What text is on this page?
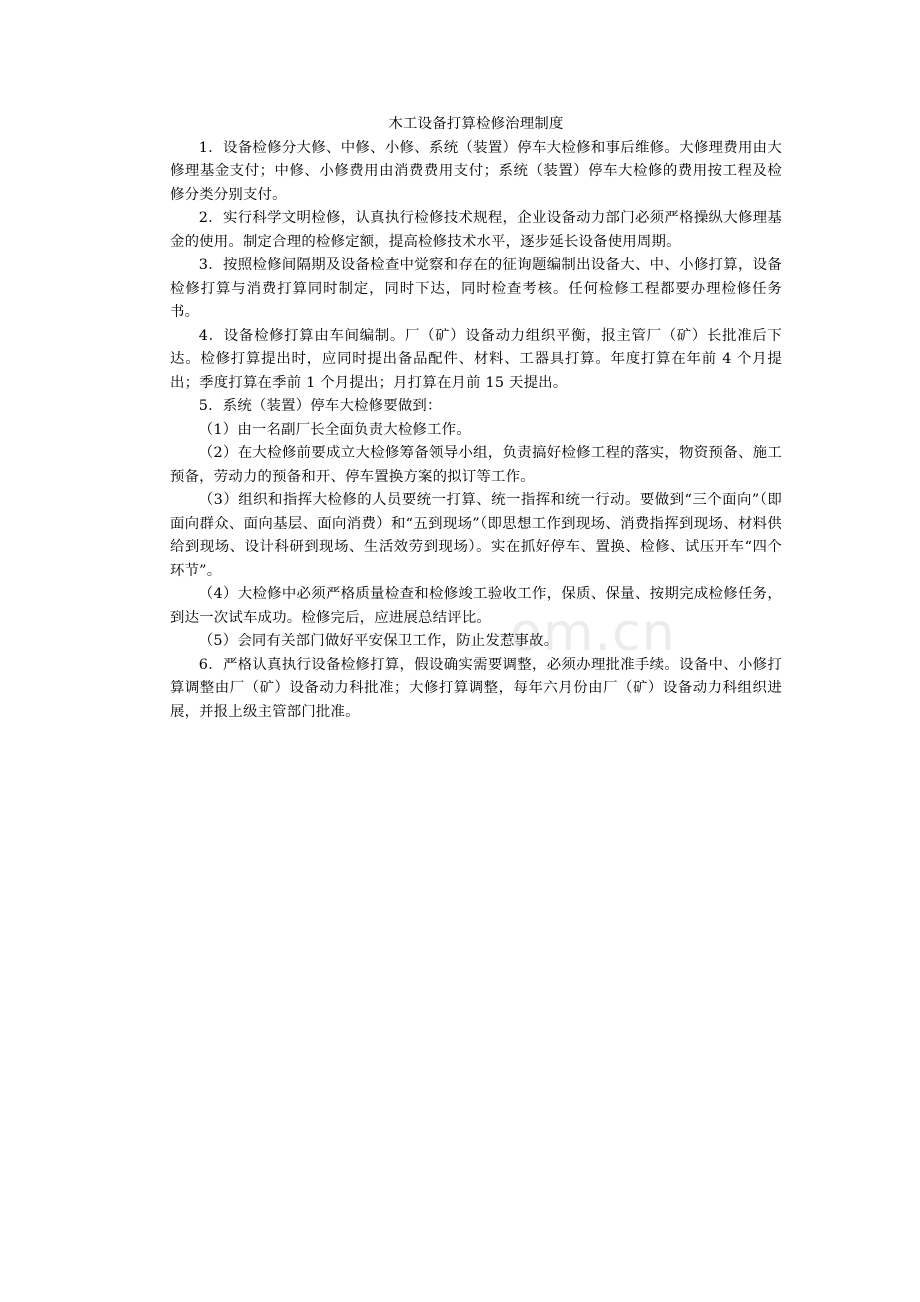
om.cn
木工设备打算检修治理制度

1．设备检修分大修、中修、小修、系统（装置）停车大检修和事后维修。大修理费用由大修理基金支付；中修、小修费用由消费费用支付；系统（装置）停车大检修的费用按工程及检修分类分别支付。

2．实行科学文明检修，认真执行检修技术规程，企业设备动力部门必须严格操纵大修理基金的使用。制定合理的检修定额，提高检修技术水平，逐步延长设备使用周期。

3．按照检修间隔期及设备检查中觉察和存在的征询题编制出设备大、中、小修打算，设备检修打算与消费打算同时制定，同时下达，同时检查考核。任何检修工程都要办理检修任务书。

4．设备检修打算由车间编制。厂（矿）设备动力组织平衡，报主管厂（矿）长批准后下达。检修打算提出时，应同时提出备品配件、材料、工器具打算。年度打算在年前 4 个月提出；季度打算在季前 1 个月提出；月打算在月前 15 天提出。

5．系统（装置）停车大检修要做到：

（1）由一名副厂长全面负责大检修工作。

（2）在大检修前要成立大检修筹备领导小组，负责搞好检修工程的落实，物资预备、施工预备，劳动力的预备和开、停车置换方案的拟订等工作。

（3）组织和指挥大检修的人员要统一打算、统一指挥和统一行动。要做到“三个面向”（即面向群众、面向基层、面向消费）和“五到现场”（即思想工作到现场、消费指挥到现场、材料供给到现场、设计科研到现场、生活效劳到现场）。实在抓好停车、置换、检修、试压开车“四个环节”。

（4）大检修中必须严格质量检查和检修竣工验收工作，保质、保量、按期完成检修任务，到达一次试车成功。检修完后，应进展总结评比。

（5）会同有关部门做好平安保卫工作，防止发惹事故。

6．严格认真执行设备检修打算，假设确实需要调整，必须办理批准手续。设备中、小修打算调整由厂（矿）设备动力科批准；大修打算调整，每年六月份由厂（矿）设备动力科组织进展，并报上级主管部门批准。
